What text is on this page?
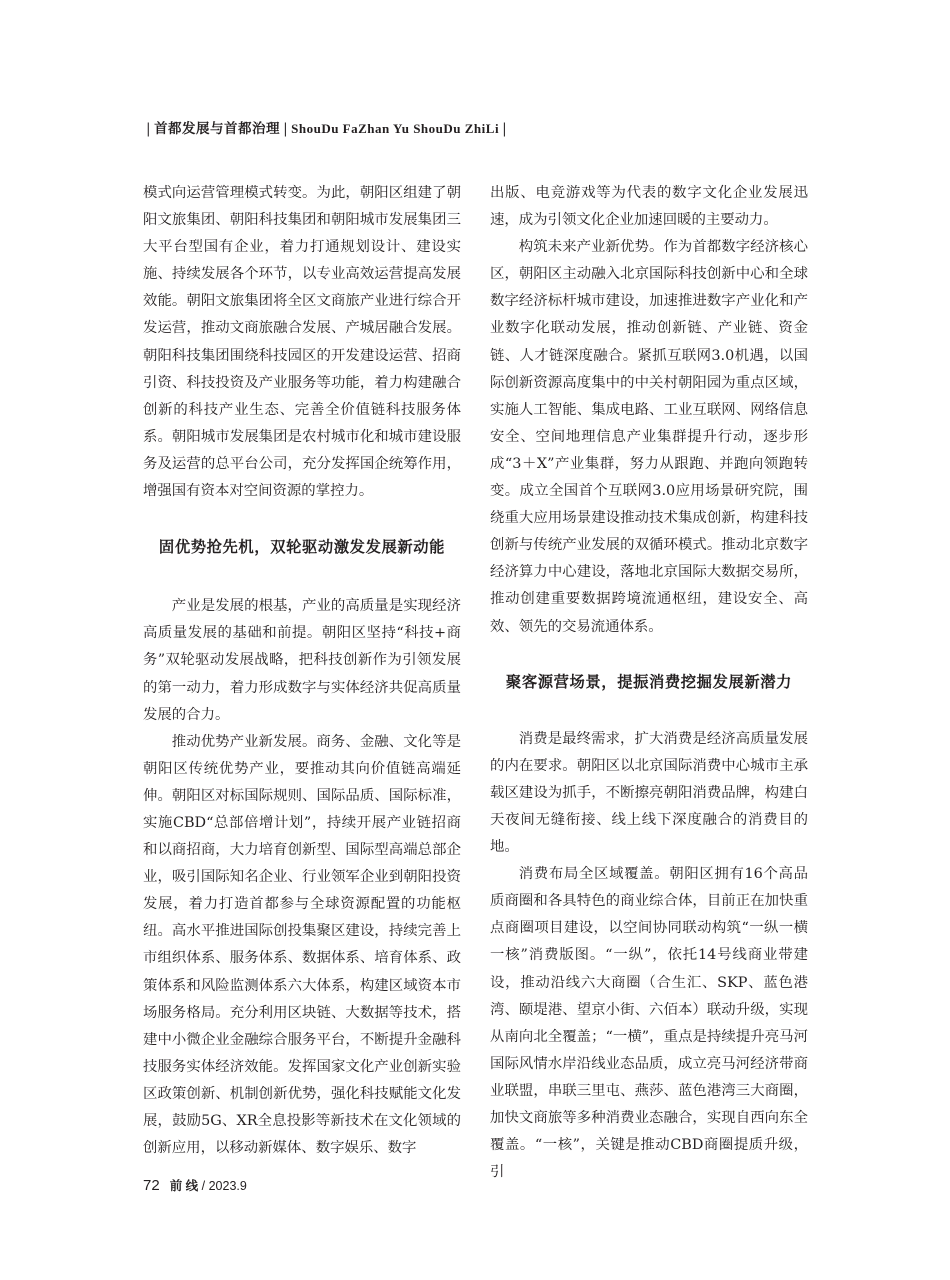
| 首都发展与首都治理 | ShouDu FaZhan Yu ShouDu ZhiLi |

模式向运营管理模式转变。为此，朝阳区组建了朝阳文旅集团、朝阳科技集团和朝阳城市发展集团三大平台型国有企业，着力打通规划设计、建设实施、持续发展各个环节，以专业高效运营提高发展效能。朝阳文旅集团将全区文商旅产业进行综合开发运营，推动文商旅融合发展、产城居融合发展。朝阳科技集团围绕科技园区的开发建设运营、招商引资、科技投资及产业服务等功能，着力构建融合创新的科技产业生态、完善全价值链科技服务体系。朝阳城市发展集团是农村城市化和城市建设服务及运营的总平台公司，充分发挥国企统筹作用，增强国有资本对空间资源的掌控力。

固优势抢先机，双轮驱动激发发展新动能

产业是发展的根基，产业的高质量是实现经济高质量发展的基础和前提。朝阳区坚持“科技+商务”双轮驱动发展战略，把科技创新作为引领发展的第一动力，着力形成数字与实体经济共促高质量发展的合力。

推动优势产业新发展。商务、金融、文化等是朝阳区传统优势产业，要推动其向价值链高端延伸。朝阳区对标国际规则、国际品质、国际标准，实施CBD“总部倍增计划”，持续开展产业链招商和以商招商，大力培育创新型、国际型高端总部企业，吸引国际知名企业、行业领军企业到朝阳投资发展，着力打造首都参与全球资源配置的功能枢纽。高水平推进国际创投集聚区建设，持续完善上市组织体系、服务体系、数据体系、培育体系、政策体系和风险监测体系六大体系，构建区域资本市场服务格局。充分利用区块链、大数据等技术，搭建中小微企业金融综合服务平台，不断提升金融科技服务实体经济效能。发挥国家文化产业创新实验区政策创新、机制创新优势，强化科技赋能文化发展，鼓励5G、XR全息投影等新技术在文化领域的创新应用，以移动新媒体、数字娱乐、数字

出版、电竞游戏等为代表的数字文化企业发展迅速，成为引领文化企业加速回暖的主要动力。

构筑未来产业新优势。作为首都数字经济核心区，朝阳区主动融入北京国际科技创新中心和全球数字经济标杆城市建设，加速推进数字产业化和产业数字化联动发展，推动创新链、产业链、资金链、人才链深度融合。紧抓互联网3.0机遇，以国际创新资源高度集中的中关村朝阳园为重点区域，实施人工智能、集成电路、工业互联网、网络信息安全、空间地理信息产业集群提升行动，逐步形成“3＋X”产业集群，努力从跟跑、并跑向领跑转变。成立全国首个互联网3.0应用场景研究院，围绕重大应用场景建设推动技术集成创新，构建科技创新与传统产业发展的双循环模式。推动北京数字经济算力中心建设，落地北京国际大数据交易所，推动创建重要数据跨境流通枢纽，建设安全、高效、领先的交易流通体系。

聚客源营场景，提振消费挖掘发展新潜力

消费是最终需求，扩大消费是经济高质量发展的内在要求。朝阳区以北京国际消费中心城市主承载区建设为抓手，不断擦亮朝阳消费品牌，构建白天夜间无缝衔接、线上线下深度融合的消费目的地。

消费布局全区域覆盖。朝阳区拥有16个高品质商圈和各具特色的商业综合体，目前正在加快重点商圈项目建设，以空间协同联动构筑“一纵一横一核”消费版图。“一纵”，依托14号线商业带建设，推动沿线六大商圈（合生汇、SKP、蓝色港湾、颐堤港、望京小街、六佰本）联动升级，实现从南向北全覆盖；“一横”，重点是持续提升亮马河国际风情水岸沿线业态品质，成立亮马河经济带商业联盟，串联三里屯、燕莎、蓝色港湾三大商圈，加快文商旅等多种消费业态融合，实现自西向东全覆盖。“一核”，关键是推动CBD商圈提质升级，引

72 前 线 / 2023.9
